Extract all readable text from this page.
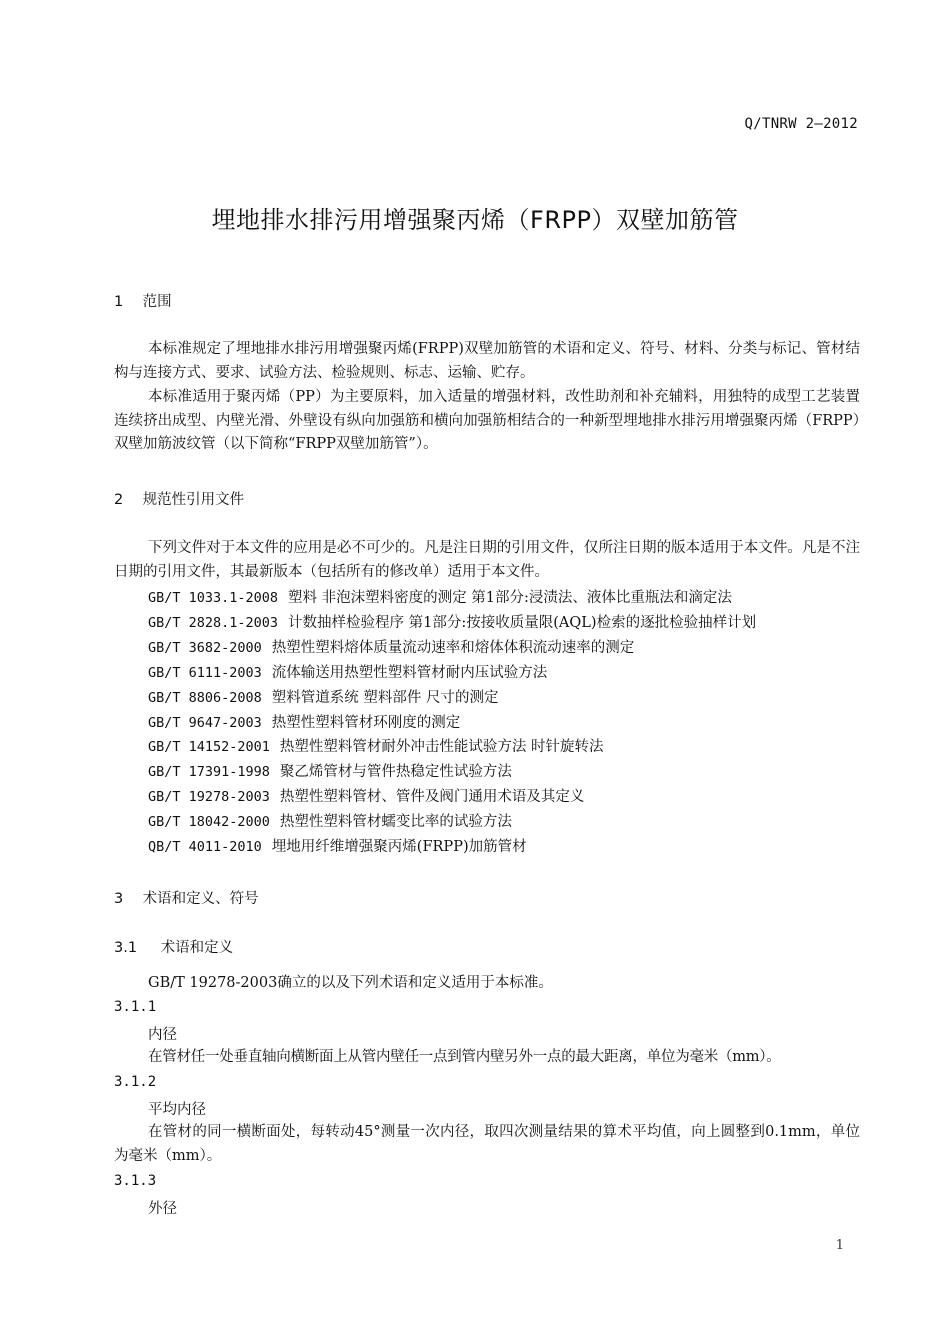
Q/TNRW 2—2012
埋地排水排污用增强聚丙烯（FRPP）双壁加筋管
1 范围
本标准规定了埋地排水排污用增强聚丙烯(FRPP)双壁加筋管的术语和定义、符号、材料、分类与标记、管材结构与连接方式、要求、试验方法、检验规则、标志、运输、贮存。
本标准适用于聚丙烯（PP）为主要原料，加入适量的增强材料，改性助剂和补充辅料，用独特的成型工艺装置连续挤出成型、内壁光滑、外壁设有纵向加强筋和横向加强筋相结合的一种新型埋地排水排污用增强聚丙烯（FRPP）双壁加筋波纹管（以下简称“FRPP双壁加筋管”）。
2 规范性引用文件
下列文件对于本文件的应用是必不可少的。凡是注日期的引用文件，仅所注日期的版本适用于本文件。凡是不注日期的引用文件，其最新版本（包括所有的修改单）适用于本文件。
GB/T 1033.1-2008 塑料 非泡沫塑料密度的测定 第1部分:浸渍法、液体比重瓶法和滴定法
GB/T 2828.1-2003 计数抽样检验程序 第1部分:按接收质量限(AQL)检索的逐批检验抽样计划
GB/T 3682-2000 热塑性塑料熔体质量流动速率和熔体体积流动速率的测定
GB/T 6111-2003 流体输送用热塑性塑料管材耐内压试验方法
GB/T 8806-2008 塑料管道系统 塑料部件 尺寸的测定
GB/T 9647-2003 热塑性塑料管材环刚度的测定
GB/T 14152-2001 热塑性塑料管材耐外冲击性能试验方法 时针旋转法
GB/T 17391-1998 聚乙烯管材与管件热稳定性试验方法
GB/T 19278-2003 热塑性塑料管材、管件及阀门通用术语及其定义
GB/T 18042-2000 热塑性塑料管材蠕变比率的试验方法
QB/T 4011-2010 埋地用纤维增强聚丙烯(FRPP)加筋管材
3 术语和定义、符号
3.1 术语和定义
GB/T 19278-2003确立的以及下列术语和定义适用于本标准。
3.1.1
内径
在管材任一处垂直轴向横断面上从管内壁任一点到管内壁另外一点的最大距离，单位为毫米（mm）。
3.1.2
平均内径
在管材的同一横断面处，每转动45°测量一次内径，取四次测量结果的算术平均值，向上圆整到0.1mm，单位为毫米（mm）。
3.1.3
外径
1
